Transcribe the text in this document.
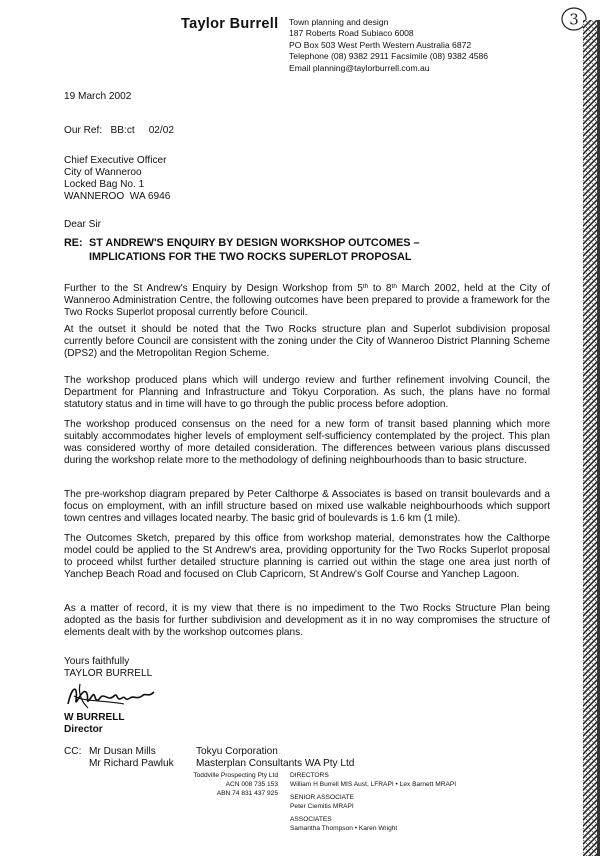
Taylor Burrell Town planning and design
187 Roberts Road Subiaco 6008
PO Box 503 West Perth Western Australia 6872
Telephone (08) 9382 2911 Facsimile (08) 9382 4586
Email planning@taylorburrell.com.au
3
19 March 2002
Our Ref:   BB:ct     02/02
Chief Executive Officer
City of Wanneroo
Locked Bag No. 1
WANNEROO  WA 6946
Dear Sir
RE: ST ANDREW'S ENQUIRY BY DESIGN WORKSHOP OUTCOMES –
IMPLICATIONS FOR THE TWO ROCKS SUPERLOT PROPOSAL
Further to the St Andrew's Enquiry by Design Workshop from 5th to 8th March 2002, held at the City of Wanneroo Administration Centre, the following outcomes have been prepared to provide a framework for the Two Rocks Superlot proposal currently before Council.
At the outset it should be noted that the Two Rocks structure plan and Superlot subdivision proposal currently before Council are consistent with the zoning under the City of Wanneroo District Planning Scheme (DPS2) and the Metropolitan Region Scheme.
The workshop produced plans which will undergo review and further refinement involving Council, the Department for Planning and Infrastructure and Tokyu Corporation. As such, the plans have no formal statutory status and in time will have to go through the public process before adoption.
The workshop produced consensus on the need for a new form of transit based planning which more suitably accommodates higher levels of employment self-sufficiency contemplated by the project. This plan was considered worthy of more detailed consideration. The differences between various plans discussed during the workshop relate more to the methodology of defining neighbourhoods than to basic structure.
The pre-workshop diagram prepared by Peter Calthorpe & Associates is based on transit boulevards and a focus on employment, with an infill structure based on mixed use walkable neighbourhoods which support town centres and villages located nearby. The basic grid of boulevards is 1.6 km (1 mile).
The Outcomes Sketch, prepared by this office from workshop material, demonstrates how the Calthorpe model could be applied to the St Andrew's area, providing opportunity for the Two Rocks Superlot proposal to proceed whilst further detailed structure planning is carried out within the stage one area just north of Yanchep Beach Road and focused on Club Capricorn, St Andrew's Golf Course and Yanchep Lagoon.
As a matter of record, it is my view that there is no impediment to the Two Rocks Structure Plan being adopted as the basis for further subdivision and development as it in no way compromises the structure of elements dealt with by the workshop outcomes plans.
Yours faithfully
TAYLOR BURRELL
W BURRELL
Director
CC: Mr Dusan Mills	Tokyu Corporation
Mr Richard Pawluk Masterplan Consultants WA Pty Ltd
Toddville Prospecting Pty Ltd
ACN 008 735 153
ABN 74 831 437 925
DIRECTORS
William H Burrell MIS Aust, LFRAPI • Lex Barnett MRAPI
SENIOR ASSOCIATE
Peter Ciemitis MRAPI
ASSOCIATES
Samantha Thompson • Karen Wright
